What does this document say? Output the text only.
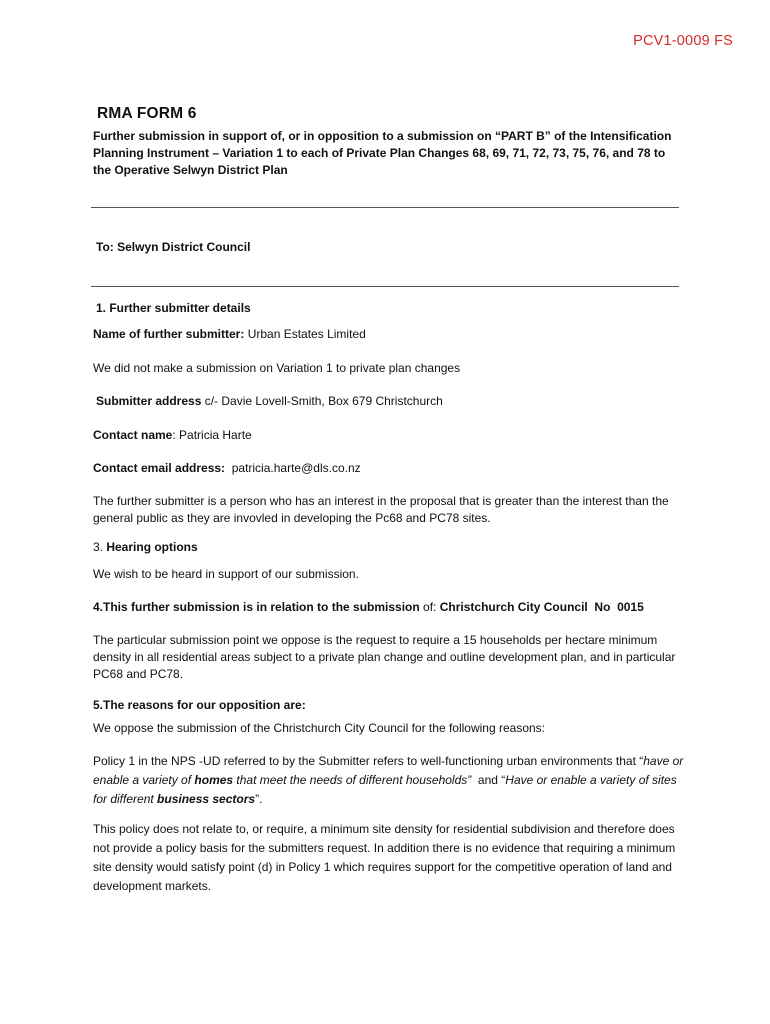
PCV1-0009 FS
RMA FORM 6
Further submission in support of, or in opposition to a submission on “PART B” of the Intensification Planning Instrument – Variation 1 to each of Private Plan Changes 68, 69, 71, 72, 73, 75, 76, and 78 to the Operative Selwyn District Plan
To: Selwyn District Council
1. Further submitter details
Name of further submitter: Urban Estates Limited
We did not make a submission on Variation 1 to private plan changes
Submitter address c/- Davie Lovell-Smith, Box 679 Christchurch
Contact name: Patricia Harte
Contact email address:  patricia.harte@dls.co.nz
The further submitter is a person who has an interest in the proposal that is greater than the interest than the general public as they are invovled in developing the Pc68 and PC78 sites.
3. Hearing options
We wish to be heard in support of our submission.
4.This further submission is in relation to the submission of: Christchurch City Council  No  0015
The particular submission point we oppose is the request to require a 15 households per hectare minimum density in all residential areas subject to a private plan change and outline development plan, and in particular PC68 and PC78.
5.The reasons for our opposition are:
We oppose the submission of the Christchurch City Council for the following reasons:
Policy 1 in the NPS -UD referred to by the Submitter refers to well-functioning urban environments that “have or enable a variety of homes that meet the needs of different households”  and “Have or enable a variety of sites for different business sectors”.
This policy does not relate to, or require, a minimum site density for residential subdivision and therefore does not provide a policy basis for the submitters request. In addition there is no evidence that requiring a minimum site density would satisfy point (d) in Policy 1 which requires support for the competitive operation of land and development markets.
